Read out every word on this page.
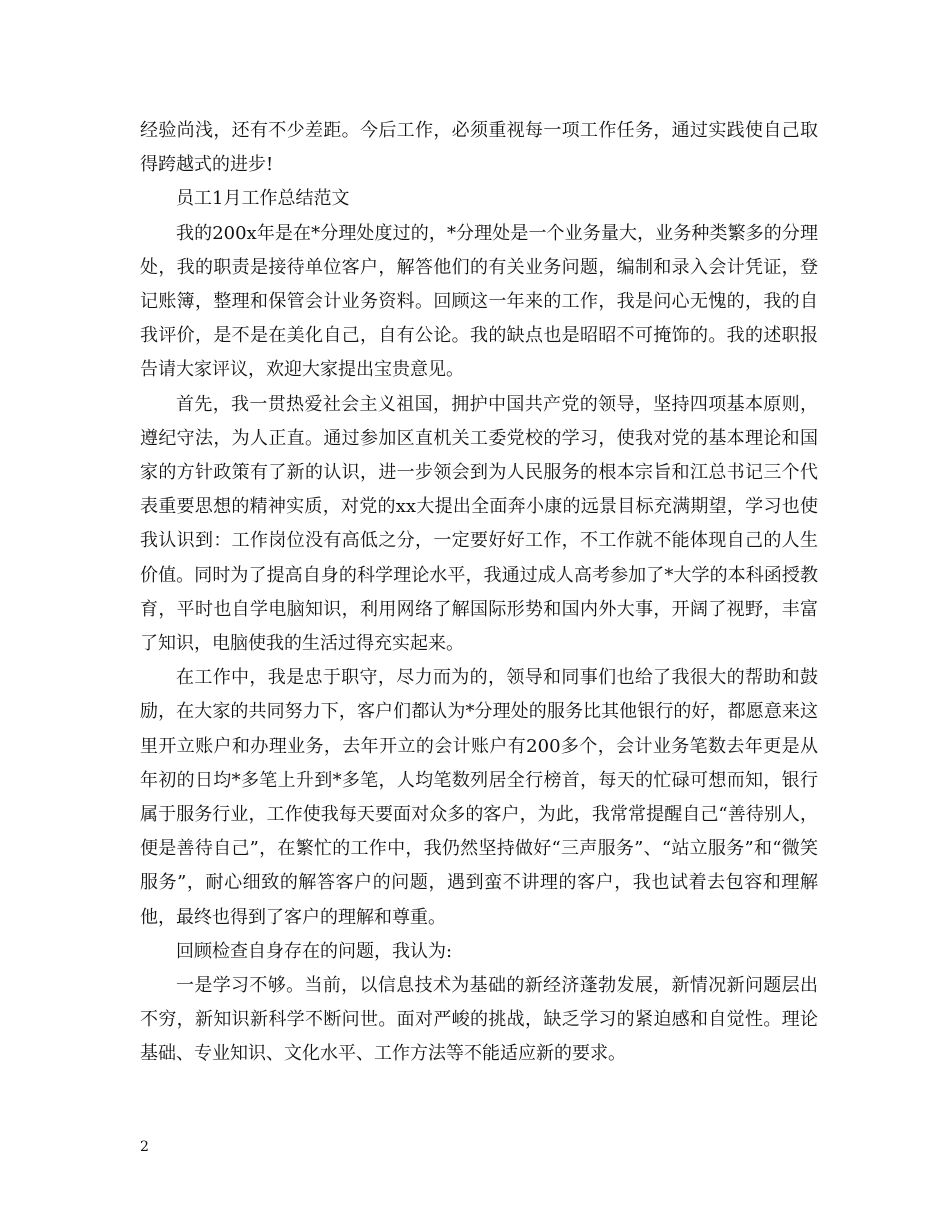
经验尚浅，还有不少差距。今后工作，必须重视每一项工作任务，通过实践使自己取得跨越式的进步!

员工1月工作总结范文

我的200x年是在*分理处度过的，*分理处是一个业务量大，业务种类繁多的分理处，我的职责是接待单位客户，解答他们的有关业务问题，编制和录入会计凭证，登记账簿，整理和保管会计业务资料。回顾这一年来的工作，我是问心无愧的，我的自我评价，是不是在美化自己，自有公论。我的缺点也是昭昭不可掩饰的。我的述职报告请大家评议，欢迎大家提出宝贵意见。

首先，我一贯热爱社会主义祖国，拥护中国共产党的领导，坚持四项基本原则，遵纪守法，为人正直。通过参加区直机关工委党校的学习，使我对党的基本理论和国家的方针政策有了新的认识，进一步领会到为人民服务的根本宗旨和江总书记三个代表重要思想的精神实质，对党的xx大提出全面奔小康的远景目标充满期望，学习也使我认识到：工作岗位没有高低之分，一定要好好工作，不工作就不能体现自己的人生价值。同时为了提高自身的科学理论水平，我通过成人高考参加了*大学的本科函授教育，平时也自学电脑知识，利用网络了解国际形势和国内外大事，开阔了视野，丰富了知识，电脑使我的生活过得充实起来。

在工作中，我是忠于职守，尽力而为的，领导和同事们也给了我很大的帮助和鼓励，在大家的共同努力下，客户们都认为*分理处的服务比其他银行的好，都愿意来这里开立账户和办理业务，去年开立的会计账户有200多个，会计业务笔数去年更是从年初的日均*多笔上升到*多笔，人均笔数列居全行榜首，每天的忙碌可想而知，银行属于服务行业，工作使我每天要面对众多的客户，为此，我常常提醒自己“善待别人，便是善待自己”，在繁忙的工作中，我仍然坚持做好“三声服务”、“站立服务”和“微笑服务”，耐心细致的解答客户的问题，遇到蛮不讲理的客户，我也试着去包容和理解他，最终也得到了客户的理解和尊重。

回顾检查自身存在的问题，我认为:

一是学习不够。当前，以信息技术为基础的新经济蓬勃发展，新情况新问题层出不穷，新知识新科学不断问世。面对严峻的挑战，缺乏学习的紧迫感和自觉性。理论基础、专业知识、文化水平、工作方法等不能适应新的要求。

2
